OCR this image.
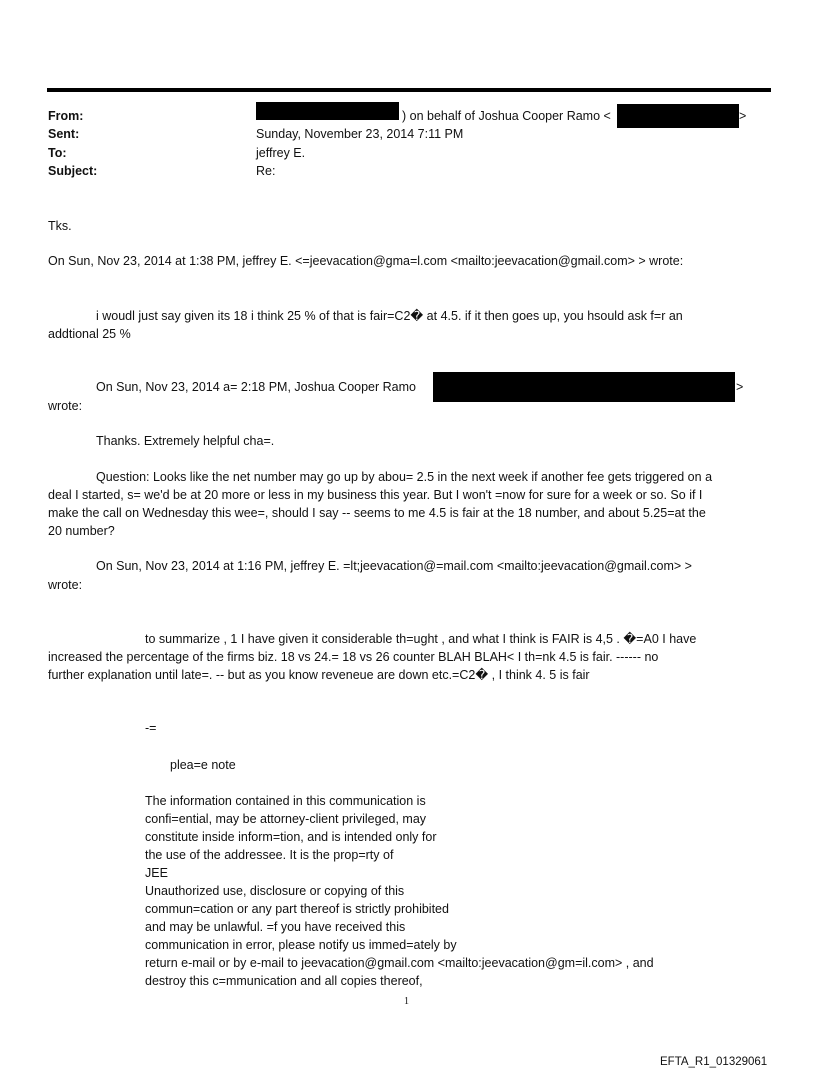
From:	) on behalf of Joshua Cooper Ramo <	>
Sent:	Sunday, November 23, 2014 7:11 PM
To:	jeffrey E.
Subject:	Re:
Tks.
On Sun, Nov 23, 2014 at 1:38 PM, jeffrey E. <=jeevacation@gma=l.com <mailto:jeevacation@gmail.com> > wrote:
i woudl just say given its 18 i think 25 % of that is fair=C2� at 4.5. if it then goes up, you hsould ask f=r an
addtional 25 %
On Sun, Nov 23, 2014 a= 2:18 PM, Joshua Cooper Ramo	>
wrote:
Thanks. Extremely helpful cha=.
Question: Looks like the net number may go up by abou= 2.5 in the next week if another fee gets triggered on a
deal I started, s= we'd be at 20 more or less in my business this year. But I won't =now for sure for a week or so. So if I
make the call on Wednesday this wee=, should I say -- seems to me 4.5 is fair at the 18 number, and about 5.25=at the
20 number?
On Sun, Nov 23, 2014 at 1:16 PM, jeffrey E. =lt;jeevacation@=mail.com <mailto:jeevacation@gmail.com> >
wrote:
to summarize , 1 I have given it considerable th=ught , and what I think is FAIR is 4,5 . �=A0 I have
increased the percentage of the firms biz. 18 vs 24.= 18 vs 26 counter BLAH BLAH< I th=nk 4.5 is fair. ------ no
further explanation until late=. -- but as you know reveneue are down etc.=C2� , I think 4. 5 is fair
-=
plea=e note
The information contained in this communication is
confi=ential, may be attorney-client privileged, may
constitute inside inform=tion, and is intended only for
the use of the addressee. It is the prop=rty of
JEE
Unauthorized use, disclosure or copying of this
commun=cation or any part thereof is strictly prohibited
and may be unlawful. =f you have received this
communication in error, please notify us immed=ately by
return e-mail or by e-mail to jeevacation@gmail.com <mailto:jeevacation@gm=il.com> , and
destroy this c=mmunication and all copies thereof,
1
EFTA_R1_01329061
